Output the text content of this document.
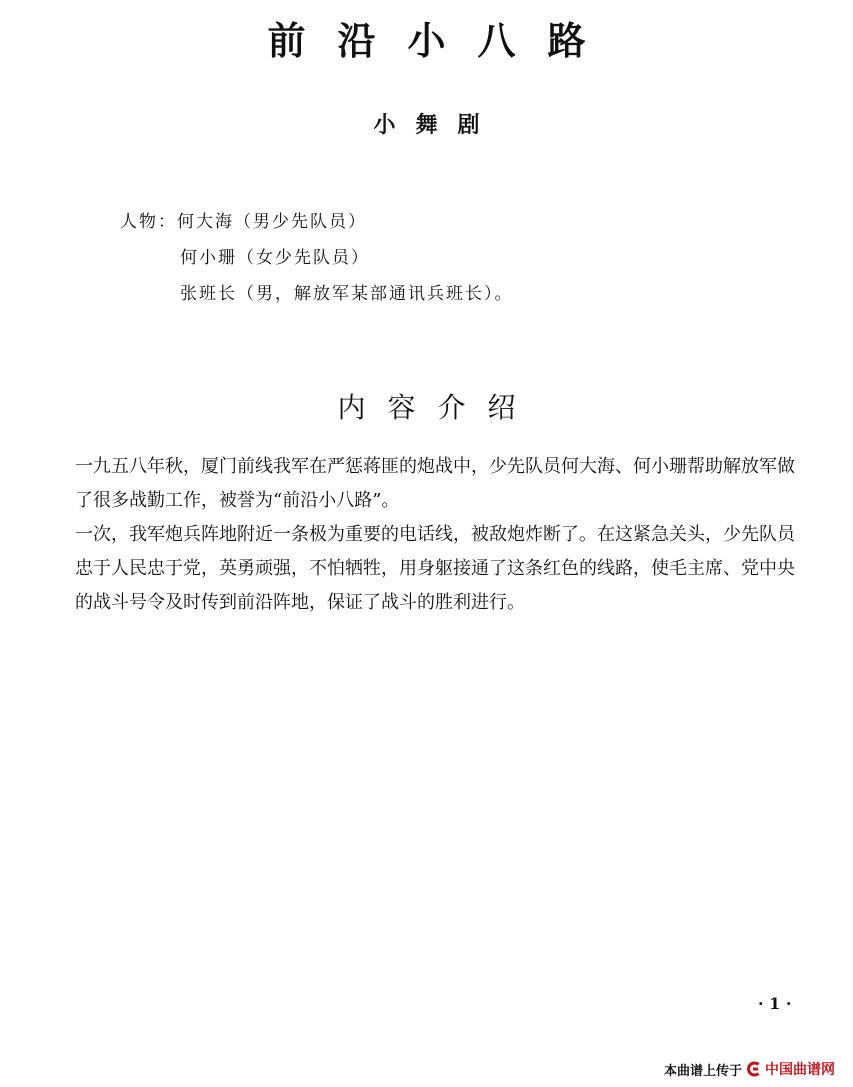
前沿小八路
小舞剧
人物：何大海（男少先队员）
何小珊（女少先队员）
张班长（男，解放军某部通讯兵班长）。
内容介绍

一九五八年秋，厦门前线我军在严惩蒋匪的炮战中，少先队员何大海、何小珊帮助解放军做了很多战勤工作，被誉为“前沿小八路”。

一次，我军炮兵阵地附近一条极为重要的电话线，被敌炮炸断了。在这紧急关头，少先队员忠于人民忠于党，英勇顽强，不怕牺牲，用身躯接通了这条红色的线路，使毛主席、党中央的战斗号令及时传到前沿阵地，保证了战斗的胜利进行。

· 1 ·
本曲谱上传于 中国曲谱网
